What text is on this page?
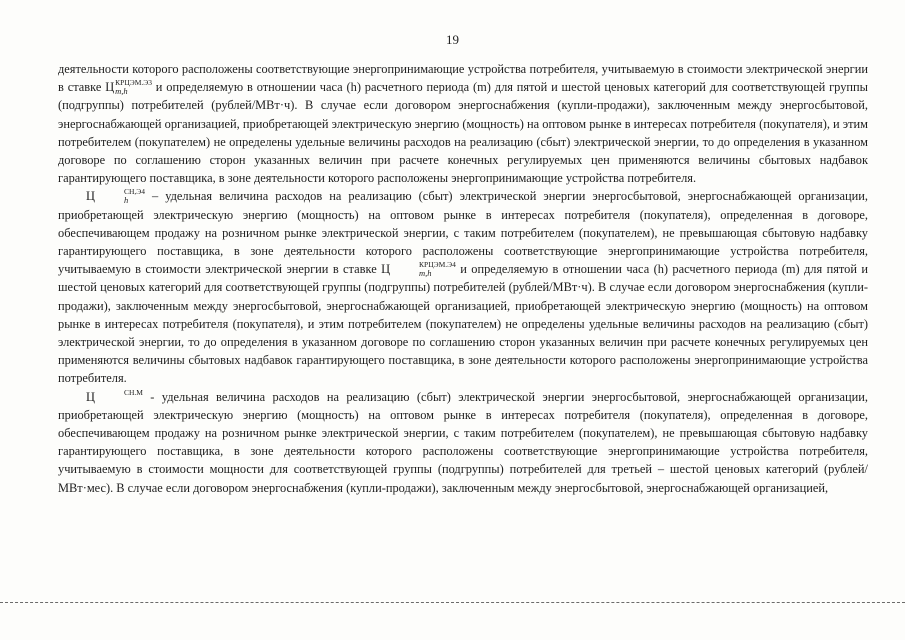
19

деятельности которого расположены соответствующие энергопринимающие устройства потребителя, учитываемую в стоимости электрической энергии в ставке Ц КРЦЭМ.Э3
m,h	и определяемую в отношении часа (h) расчетного периода (m) для пятой и шестой ценовых категорий для соответствующей группы (подгруппы) потребителей (рублей/МВт·ч). В случае если договором энергоснабжения (купли-продажи), заключенным между энергосбытовой, энергоснабжающей организацией, приобретающей электрическую энергию (мощность) на оптовом рынке в интересах потребителя (покупателя), и этим потребителем (покупателем) не определены удельные величины расходов на реализацию (сбыт) электрической энергии, то до определения в указанном договоре по соглашению сторон указанных величин при расчете конечных регулируемых цен применяются величины сбытовых надбавок гарантирующего поставщика, в зоне деятельности которого расположены энергопринимающие устройства потребителя.

Ц	СН,Э4
h	– удельная величина расходов на реализацию (сбыт) электрической энергии энергосбытовой, энергоснабжающей организации, приобретающей электрическую энергию (мощность) на оптовом рынке в интересах потребителя (покупателя), определенная в договоре, обеспечивающем продажу на розничном рынке электрической энергии, с таким потребителем (покупателем), не превышающая сбытовую надбавку гарантирующего поставщика, в зоне деятельности которого расположены соответствующие энергопринимающие устройства потребителя, учитываемую в стоимости электрической энергии в ставке Ц	КРЦЭМ.Э4
m,h	и определяемую в отношении часа (h) расчетного периода (m) для пятой и шестой ценовых категорий для соответствующей группы (подгруппы) потребителей (рублей/МВт·ч). В случае если договором энергоснабжения (купли-продажи), заключенным между энергосбытовой, энергоснабжающей организацией, приобретающей электрическую энергию (мощность) на оптовом рынке в интересах потребителя (покупателя), и этим потребителем (покупателем) не определены удельные величины расходов на реализацию (сбыт) электрической энергии, то до определения в указанном договоре по соглашению сторон указанных величин при расчете конечных регулируемых цен применяются величины сбытовых надбавок гарантирующего поставщика, в зоне деятельности которого расположены энергопринимающие устройства потребителя.

Ц	СН.М
- удельная величина расходов на реализацию (сбыт) электрической энергии энергосбытовой, энергоснабжающей организации, приобретающей электрическую энергию (мощность) на оптовом рынке в интересах потребителя (покупателя), определенная в договоре, обеспечивающем продажу на розничном рынке электрической энергии, с таким потребителем (покупателем), не превышающая сбытовую надбавку гарантирующего поставщика, в зоне деятельности которого расположены соответствующие энергопринимающие устройства потребителя, учитываемую в стоимости мощности для соответствующей группы (подгруппы) потребителей для третьей – шестой ценовых категорий (рублей/МВт·мес). В случае если договором энергоснабжения (купли-продажи), заключенным между энергосбытовой, энергоснабжающей организацией,
